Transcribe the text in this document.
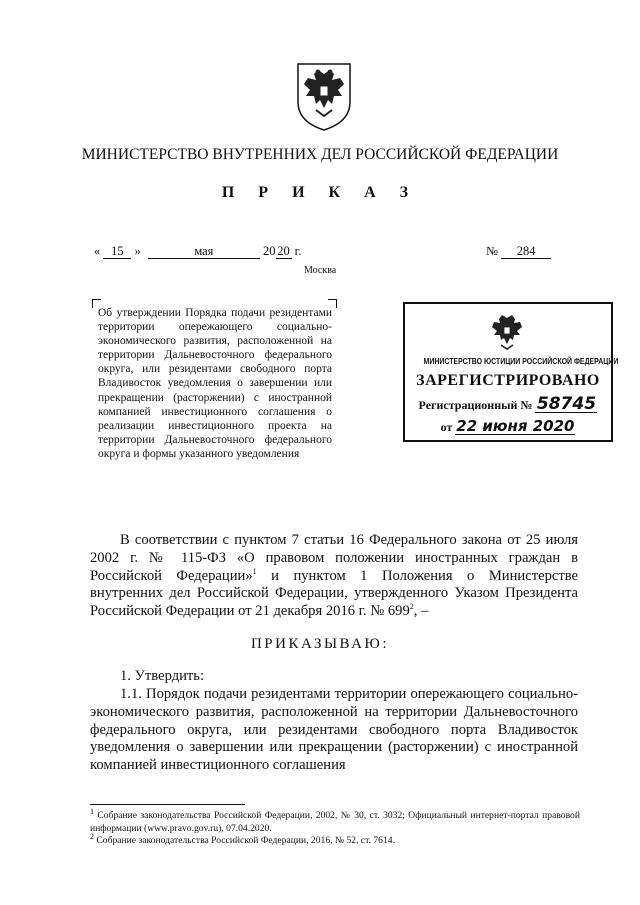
МИНИСТЕРСТВО ВНУТРЕННИХ ДЕЛ РОССИЙСКОЙ ФЕДЕРАЦИИ
П Р И К А З
« 15 »	мая	20 20 г.	№ 284
Москва
Об утверждении Порядка подачи резидентами территории опережающего социально-экономического развития, расположенной на территории Дальневосточного федерального округа, или резидентами свободного порта Владивосток уведомления о завершении или прекращении (расторжении) с иностранной компанией инвестиционного соглашения о реализации инвестиционного проекта на территории Дальневосточного федерального округа и формы указанного уведомления
МИНИСТЕРСТВО ЮСТИЦИИ РОССИЙСКОЙ ФЕДЕРАЦИИ
ЗАРЕГИСТРИРОВАНО
Регистрационный № 58745
от 22 июня 2020
В соответствии с пунктом 7 статьи 16 Федерального закона от 25 июля 2002 г. № 115-ФЗ «О правовом положении иностранных граждан в Российской Федерации»$^1$ и пунктом 1 Положения о Министерстве внутренних дел Российской Федерации, утвержденного Указом Президента Российской Федерации от 21 декабря 2016 г. № $699^2$, –
ПРИКАЗЫВАЮ:
1. Утвердить:
1.1. Порядок подачи резидентами территории опережающего социально-экономического развития, расположенной на территории Дальневосточного федерального округа, или резидентами свободного порта Владивосток уведомления о завершении или прекращении (расторжении) с иностранной компанией инвестиционного соглашения
$^1$ Собрание законодательства Российской Федерации, 2002, № 30, ст. 3032; Официальный интернет-портал правовой информации (www.pravo.gov.ru), 07.04.2020.
$^2$ Собрание законодательства Российской Федерации, 2016, № 52, ст. 7614.
